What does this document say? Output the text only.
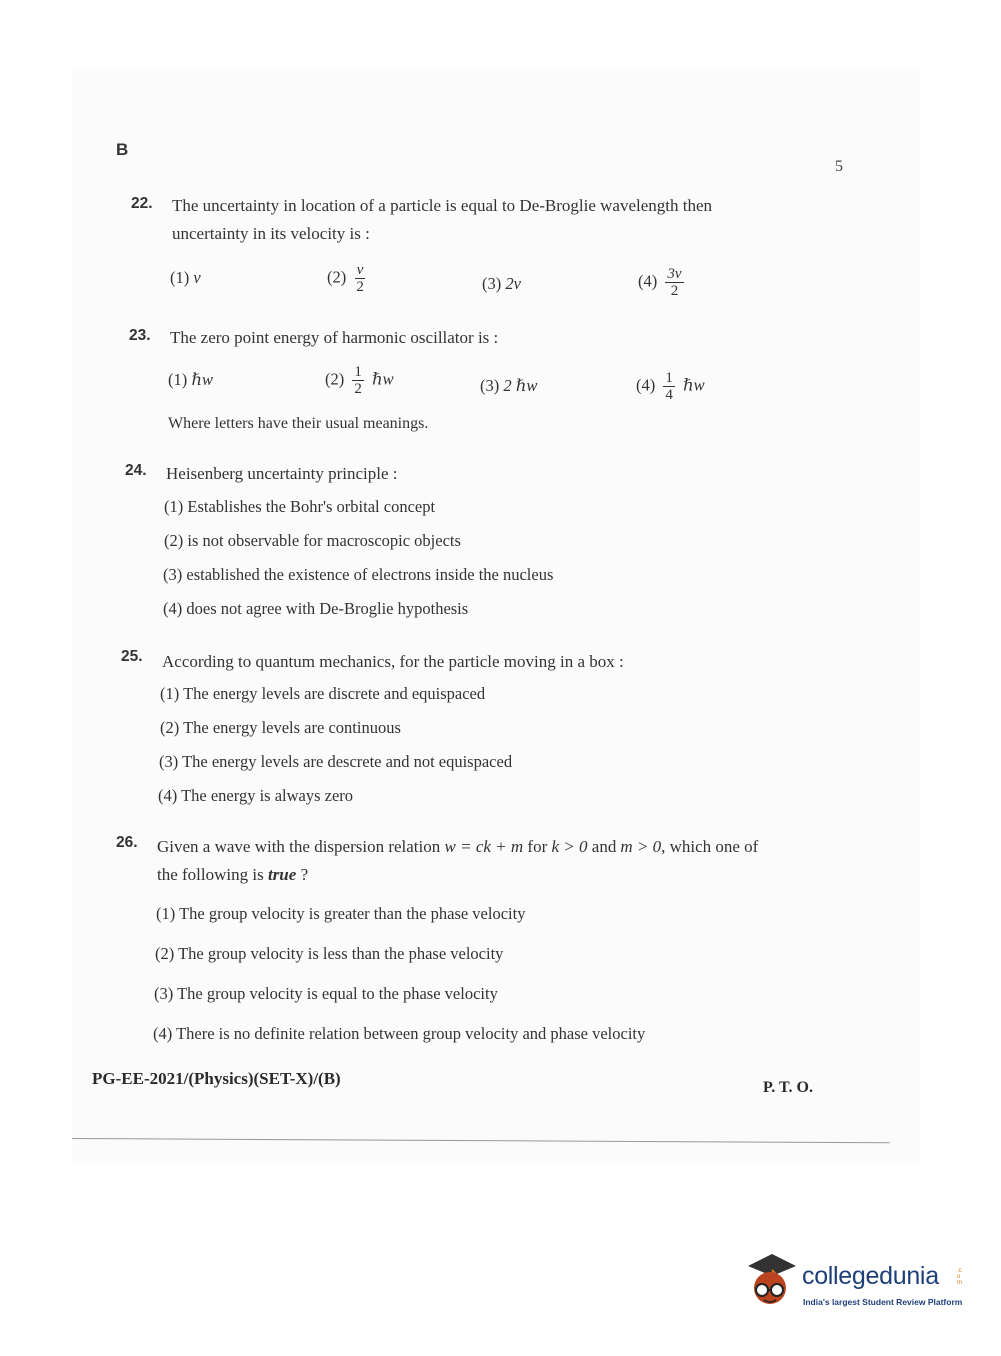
B
5
22. The uncertainty in location of a particle is equal to De-Broglie wavelength then
uncertainty in its velocity is :
(1) v	$(2) \frac{v}{2}$	(3) 2v	$(4) \frac{3v}{2}$
23. The zero point energy of harmonic oscillator is :
(1) ℏw	$(2) \frac{1}{2}$ ℏw	(3) 2 ℏw	$(4) \frac{1}{4}$ ℏw
Where letters have their usual meanings.
24. Heisenberg uncertainty principle :
(1) Establishes the Bohr's orbital concept
(2) is not observable for macroscopic objects
(3) established the existence of electrons inside the nucleus
(4) does not agree with De-Broglie hypothesis
25. According to quantum mechanics, for the particle moving in a box :
(1) The energy levels are discrete and equispaced
(2) The energy levels are continuous
(3) The energy levels are descrete and not equispaced
(4) The energy is always zero
26. Given a wave with the dispersion relation w = ck + m for k > 0 and m > 0, which one of
the following is true ?
(1) The group velocity is greater than the phase velocity
(2) The group velocity is less than the phase velocity
(3) The group velocity is equal to the phase velocity
(4) There is no definite relation between group velocity and phase velocity
PG-EE-2021/(Physics)(SET-X)/(B)	P. T. O.
collegedunia	.com
India's largest Student Review Platform
